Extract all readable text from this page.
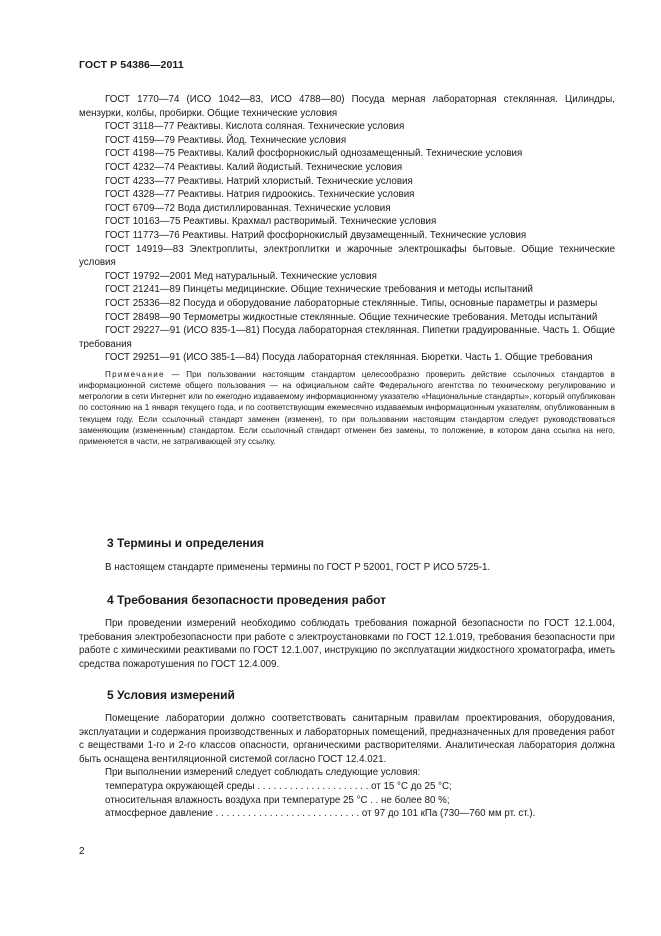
ГОСТ Р 54386—2011

ГОСТ 1770—74 (ИСО 1042—83, ИСО 4788—80) Посуда мерная лабораторная стеклянная. Цилиндры, мензурки, колбы, пробирки. Общие технические условия

ГОСТ 3118—77 Реактивы. Кислота соляная. Технические условия

ГОСТ 4159—79 Реактивы. Йод. Технические условия

ГОСТ 4198—75 Реактивы. Калий фосфорнокислый однозамещенный. Технические условия

ГОСТ 4232—74 Реактивы. Калий йодистый. Технические условия

ГОСТ 4233—77 Реактивы. Натрий хлористый. Технические условия

ГОСТ 4328—77 Реактивы. Натрия гидроокись. Технические условия

ГОСТ 6709—72 Вода дистиллированная. Технические условия

ГОСТ 10163—75 Реактивы. Крахмал растворимый. Технические условия

ГОСТ 11773—76 Реактивы. Натрий фосфорнокислый двузамещенный. Технические условия

ГОСТ 14919—83 Электроплиты, электроплитки и жарочные электрошкафы бытовые. Общие технические условия

ГОСТ 19792—2001 Мед натуральный. Технические условия

ГОСТ 21241—89 Пинцеты медицинские. Общие технические требования и методы испытаний

ГОСТ 25336—82 Посуда и оборудование лабораторные стеклянные. Типы, основные параметры и размеры

ГОСТ 28498—90 Термометры жидкостные стеклянные. Общие технические требования. Методы испытаний

ГОСТ 29227—91 (ИСО 835-1—81) Посуда лабораторная стеклянная. Пипетки градуированные. Часть 1. Общие требования

ГОСТ 29251—91 (ИСО 385-1—84) Посуда лабораторная стеклянная. Бюретки. Часть 1. Общие требования

Примечание — При пользовании настоящим стандартом целесообразно проверить действие ссылочных стандартов в информационной системе общего пользования — на официальном сайте Федерального агентства по техническому регулированию и метрологии в сети Интернет или по ежегодно издаваемому информационному указателю «Национальные стандарты», который опубликован по состоянию на 1 января текущего года, и по соответствующим ежемесячно издаваемым информационным указателям, опубликованным в текущем году. Если ссылочный стандарт заменен (изменен), то при пользовании настоящим стандартом следует руководствоваться заменяющим (измененным) стандартом. Если ссылочный стандарт отменен без замены, то положение, в котором дана ссылка на него, применяется в части, не затрагивающей эту ссылку.

3 Термины и определения

В настоящем стандарте применены термины по ГОСТ Р 52001, ГОСТ Р ИСО 5725-1.

4 Требования безопасности проведения работ

При проведении измерений необходимо соблюдать требования пожарной безопасности по ГОСТ 12.1.004, требования электробезопасности при работе с электроустановками по ГОСТ 12.1.019, требования безопасности при работе с химическими реактивами по ГОСТ 12.1.007, инструкцию по эксплуатации жидкостного хроматографа, иметь средства пожаротушения по ГОСТ 12.4.009.

5 Условия измерений

Помещение лаборатории должно соответствовать санитарным правилам проектирования, оборудования, эксплуатации и содержания производственных и лабораторных помещений, предназначенных для проведения работ с веществами 1-го и 2-го классов опасности, органическими растворителями. Аналитическая лаборатория должна быть оснащена вентиляционной системой согласно ГОСТ 12.4.021.

При выполнении измерений следует соблюдать следующие условия:

температура окружающей среды . . . . . . . . . . . . . . . . . . . . . от 15 °С до 25 °С;

относительная влажность воздуха при температуре 25 °С . . не более 80 %;

атмосферное давление . . . . . . . . . . . . . . . . . . . . . . . . . . . от 97 до 101 кПа (730—760 мм рт. ст.).

2
